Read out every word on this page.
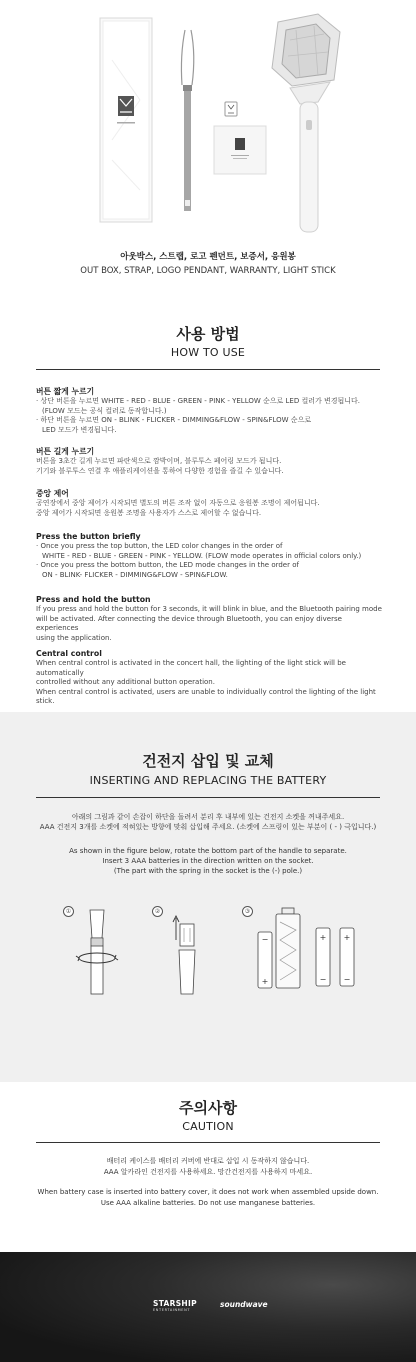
아웃박스, 스트랩, 로고 펜던트, 보증서, 응원봉
OUT BOX, STRAP, LOGO PENDANT, WARRANTY, LIGHT STICK
사용 방법
HOW TO USE
버튼 짧게 누르기

· 상단 버튼을 누르면 WHITE - RED - BLUE - GREEN - PINK - YELLOW 순으로 LED 컬러가 변경됩니다.

(FLOW 모드는 공식 컬러로 동작합니다.)

· 하단 버튼을 누르면 ON - BLINK - FLICKER - DIMMING&FLOW - SPIN&FLOW 순으로

LED 모드가 변경됩니다.

버튼 길게 누르기

버튼을 3초간 길게 누르면 파란색으로 깜박이며, 블루투스 페어링 모드가 됩니다.

기기와 블루투스 연결 후 애플리케이션을 통하여 다양한 경험을 즐길 수 있습니다.

중앙 제어

공연장에서 중앙 제어가 시작되면 별도의 버튼 조작 없이 자동으로 응원봉 조명이 제어됩니다.

중앙 제어가 시작되면 응원봉 조명을 사용자가 스스로 제어할 수 없습니다.

Press the button briefly

· Once you press the top button, the LED color changes in the order of

WHITE - RED - BLUE - GREEN - PINK - YELLOW. (FLOW mode operates in official colors only.)

· Once you press the bottom button, the LED mode changes in the order of

ON - BLINK- FLICKER - DIMMING&FLOW - SPIN&FLOW.

Press and hold the button

If you press and hold the button for 3 seconds, it will blink in blue, and the Bluetooth pairing mode

will be activated. After connecting the device through Bluetooth, you can enjoy diverse experiences

using the application.

Central control

When central control is activated in the concert hall, the lighting of the light stick will be automatically

controlled without any additional button operation.

When central control is activated, users are unable to individually control the lighting of the light stick.

건전지 삽입 및 교체
INSERTING AND REPLACING THE BATTERY
아래의 그림과 같이 손잡이 하단을 돌려서 분리 후 내부에 있는 건전지 소켓을 꺼내주세요.
AAA 건전지 3개를 소켓에 적혀있는 방향에 맞춰 삽입해 주세요. (소켓에 스프링이 있는 부분이 ( - ) 극입니다.)
As shown in the figure below, rotate the bottom part of the handle to separate.
Insert 3 AAA batteries in the direction written on the socket.
(The part with the spring in the socket is the (-) pole.)
①	②	③
−
+
+
−
+
−
주의사항
CAUTION
배터리 케이스를 배터리 커버에 반대로 삽입 시 동작하지 않습니다.
AAA 알카라인 건전지를 사용하세요. 망간건전지를 사용하지 마세요.
When battery case is inserted into battery cover, it does not work when assembled upside down.
Use AAA alkaline batteries. Do not use manganese batteries.
STARSHIP
ENTERTAINMENT
soundwave
